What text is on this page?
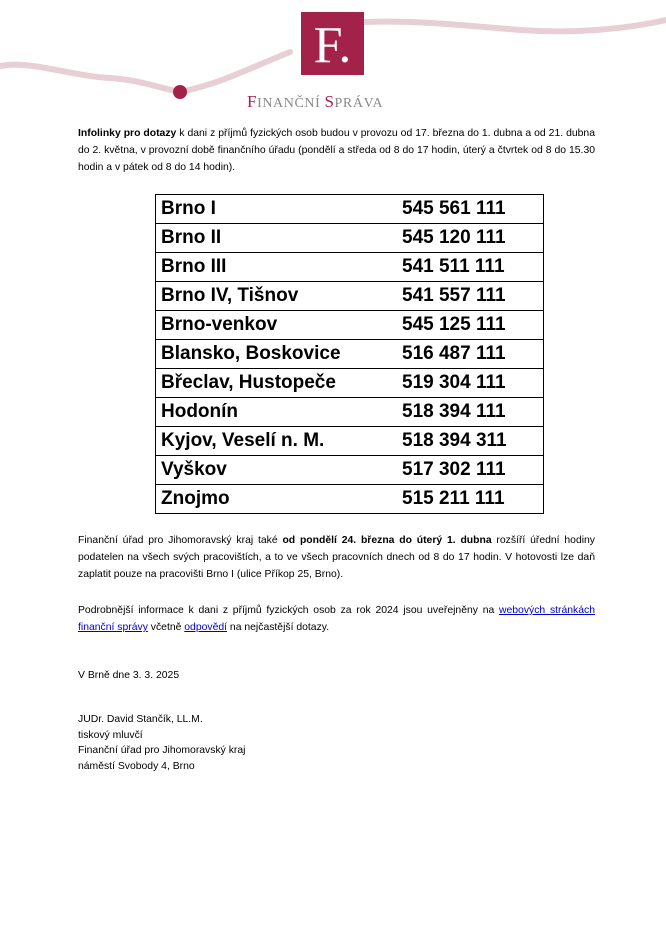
F.
FINANČNÍ SPRÁVA

Infolinky pro dotazy k dani z příjmů fyzických osob budou v provozu od 17. března do 1. dubna a od 21. dubna do 2. května, v provozní době finančního úřadu (pondělí a středa od 8 do 17 hodin, úterý a čtvrtek od 8 do 15.30 hodin a v pátek od 8 do 14 hodin).

Brno I	545 561 111
Brno II	545 120 111
Brno III	541 511 111
Brno IV, Tišnov	541 557 111
Brno-venkov	545 125 111
Blansko, Boskovice	516 487 111
Břeclav, Hustopeče	519 304 111
Hodonín	518 394 111
Kyjov, Veselí n. M.	518 394 311
Vyškov	517 302 111
Znojmo	515 211 111

Finanční úřad pro Jihomoravský kraj také od pondělí 24. března do úterý 1. dubna rozšíří úřední hodiny podatelen na všech svých pracovištích, a to ve všech pracovních dnech od 8 do 17 hodin. V hotovosti lze daň zaplatit pouze na pracovišti Brno I (ulice Příkop 25, Brno).

Podrobnější informace k dani z příjmů fyzických osob za rok 2024 jsou uveřejněny na webových stránkách finanční správy včetně odpovědí na nejčastější dotazy.

V Brně dne 3. 3. 2025

JUDr. David Stančík, LL.M.
tiskový mluvčí
Finanční úřad pro Jihomoravský kraj
náměstí Svobody 4, Brno
